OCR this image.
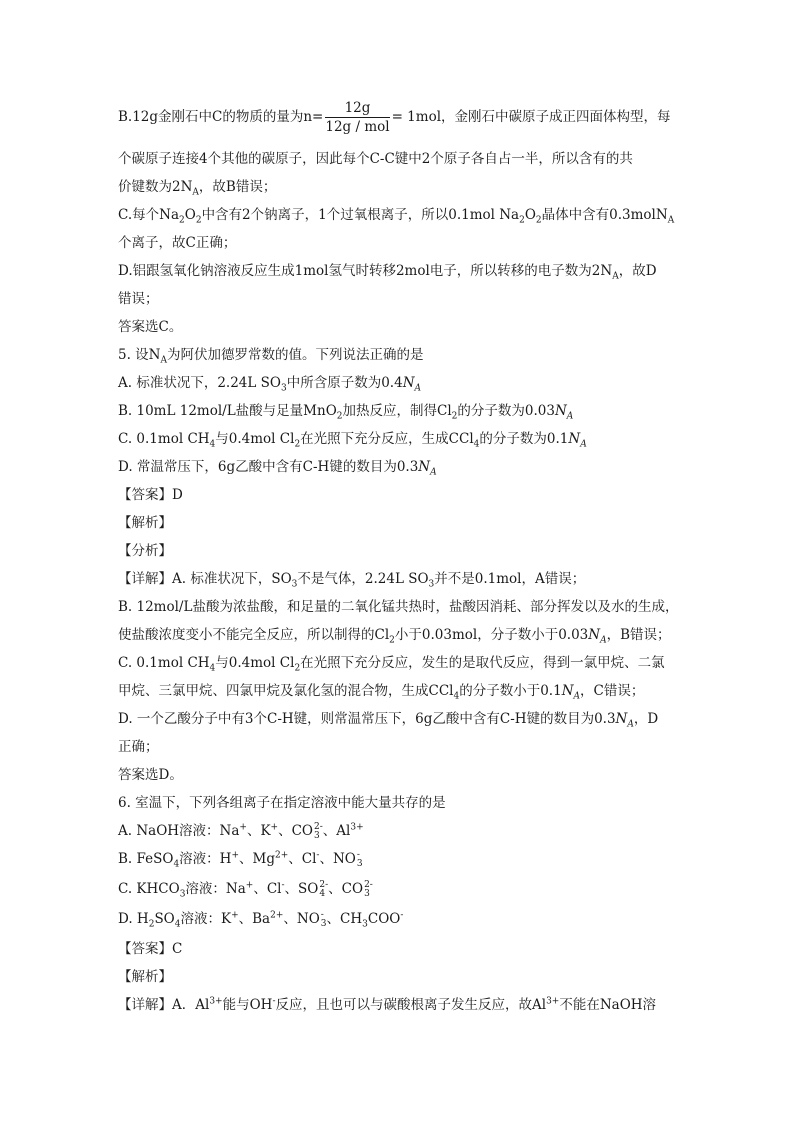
B.12g金刚石中C的物质的量为$n= \frac{12g}{\text{12g / mol}} = 1mol$，金刚石中碳原子成正四面体构型，每
个碳原子连接4个其他的碳原子，因此每个C-C键中2个原子各自占一半，所以含有的共
价键数为$2N_A$，故B错误；
C.每个$Na_2O_2$中含有2个钠离子，1个过氧根离子，所以0.1mol $Na_2O_2$晶体中含有0.3molN$_A$
个离子，故C正确；
D.铝跟氢氧化钠溶液反应生成1mol氢气时转移2mol电子，所以转移的电子数为$2N_A$，故D
错误；
答案选C。
5. 设$N_A$为阿伏加德罗常数的值。下列说法正确的是
A. 标准状况下，2.24L $SO_3$中所含原子数为$0.4N_A$
B. 10mL 12mol/L盐酸与足量MnO$_2$加热反应，制得$Cl_2$的分子数为$0.03N_A$
C. 0.1mol $CH_4$与0.4mol $Cl_2$在光照下充分反应，生成CCl$_4$的分子数为$0.1N_A$
D. 常温常压下，6g乙酸中含有C-H键的数目为$0.3N_A$
【答案】D
【解析】
【分析】
【详解】A. 标准状况下，$SO_3$不是气体，2.24L $SO_3$并不是0.1mol，A错误；
B. 12mol/L盐酸为浓盐酸，和足量的二氧化锰共热时，盐酸因消耗、部分挥发以及水的生成，
使盐酸浓度变小不能完全反应，所以制得的$Cl_2$小于0.03mol，分子数小于$0.03N_A$，B错误；
C. 0.1mol $CH_4$与0.4mol $Cl_2$在光照下充分反应，发生的是取代反应，得到一氯甲烷、二氯
甲烷、三氯甲烷、四氯甲烷及氯化氢的混合物，生成CCl$_4$的分子数小于$0.1N_A$，C错误；
D. 一个乙酸分子中有3个C-H键，则常温常压下，6g乙酸中含有C-H键的数目为$0.3N_A$，D
正确；
答案选D。
6. 室温下，下列各组离子在指定溶液中能大量共存的是
A. NaOH溶液：Na+、K+、CO 2-
3 、$Al^{3+}$
B. FeSO$_4$溶液：H+、$Mg^{2+}$、Cl-、NO -
3
C. $KHCO_3$溶液：Na+、Cl-、SO 2-
4 、CO 2-
3
D. $H_2SO_4$溶液：K+、$Ba^{2+}$、NO -
3 、$CH_3COO^-$
【答案】C
【解析】
【详解】A．$Al^{3+}$能与OH-反应，且也可以与碳酸根离子发生反应，故$Al^{3+}$不能在NaOH溶
